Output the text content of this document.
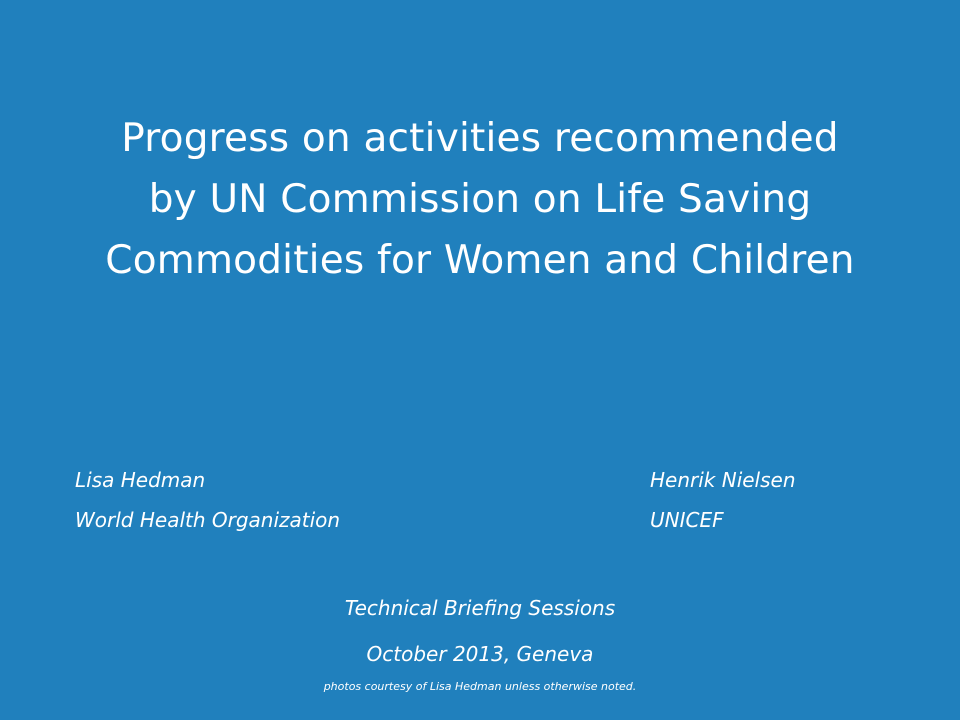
Progress on activities recommended
by UN Commission on Life Saving
Commodities for Women and Children
Lisa Hedman
World Health Organization
Henrik Nielsen
UNICEF
Technical Briefing Sessions
October 2013, Geneva
photos courtesy of Lisa Hedman unless otherwise noted.
